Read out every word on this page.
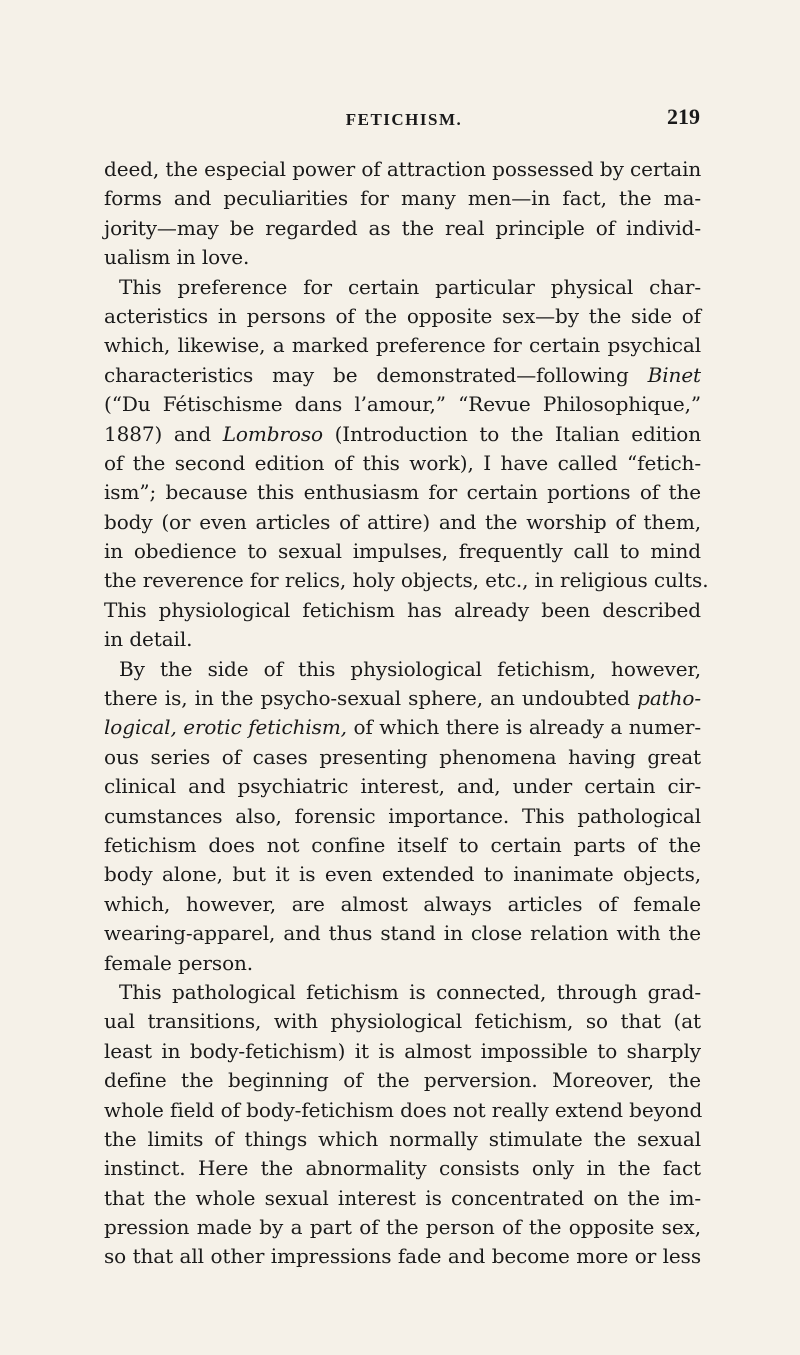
FETICHISM.	219
deed, the especial power of attraction possessed by certain
forms and peculiarities for many men—in fact, the ma-
jority—may be regarded as the real principle of individ-
ualism in love.
This preference for certain particular physical char-
acteristics in persons of the opposite sex—by the side of
which, likewise, a marked preference for certain psychical
characteristics may be demonstrated—following Binet
(“Du Fétischisme dans l’amour,” “Revue Philosophique,”
1887) and Lombroso (Introduction to the Italian edition
of the second edition of this work), I have called “fetich-
ism”; because this enthusiasm for certain portions of the
body (or even articles of attire) and the worship of them,
in obedience to sexual impulses, frequently call to mind
the reverence for relics, holy objects, etc., in religious cults.
This physiological fetichism has already been described
in detail.
By the side of this physiological fetichism, however,
there is, in the psycho-sexual sphere, an undoubted patho-
logical, erotic fetichism, of which there is already a numer-
ous series of cases presenting phenomena having great
clinical and psychiatric interest, and, under certain cir-
cumstances also, forensic importance. This pathological
fetichism does not confine itself to certain parts of the
body alone, but it is even extended to inanimate objects,
which, however, are almost always articles of female
wearing-apparel, and thus stand in close relation with the
female person.
This pathological fetichism is connected, through grad-
ual transitions, with physiological fetichism, so that (at
least in body-fetichism) it is almost impossible to sharply
define the beginning of the perversion. Moreover, the
whole field of body-fetichism does not really extend beyond
the limits of things which normally stimulate the sexual
instinct. Here the abnormality consists only in the fact
that the whole sexual interest is concentrated on the im-
pression made by a part of the person of the opposite sex,
so that all other impressions fade and become more or less
